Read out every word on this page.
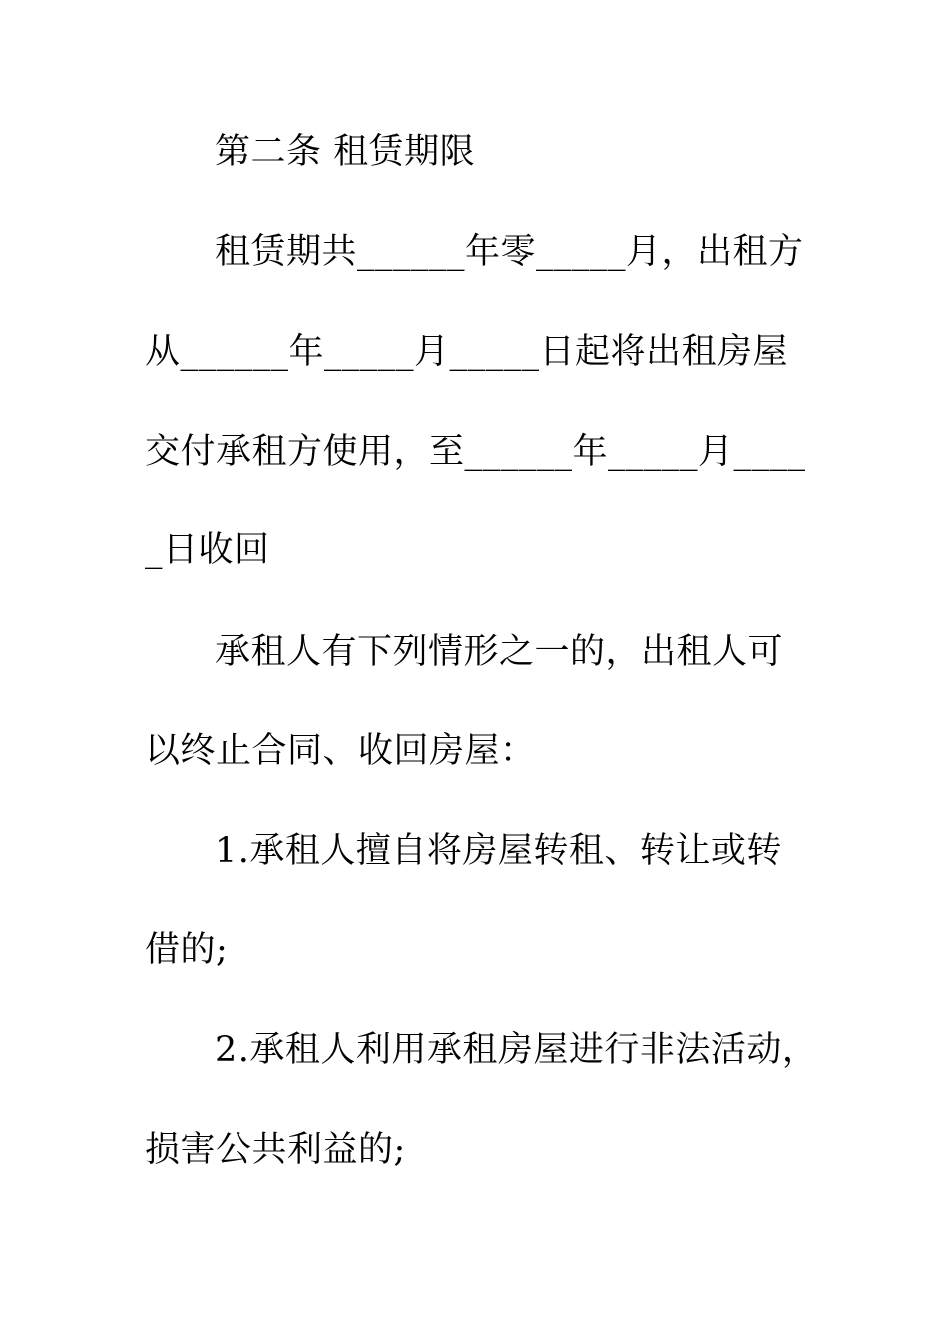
第二条 租赁期限
租赁期共______年零_____月，出租方
从______年_____月_____日起将出租房屋
交付承租方使用，至______年_____月____
_日收回
承租人有下列情形之一的，出租人可
以终止合同、收回房屋：
1.承租人擅自将房屋转租、转让或转
借的;
2.承租人利用承租房屋进行非法活动，
损害公共利益的;
